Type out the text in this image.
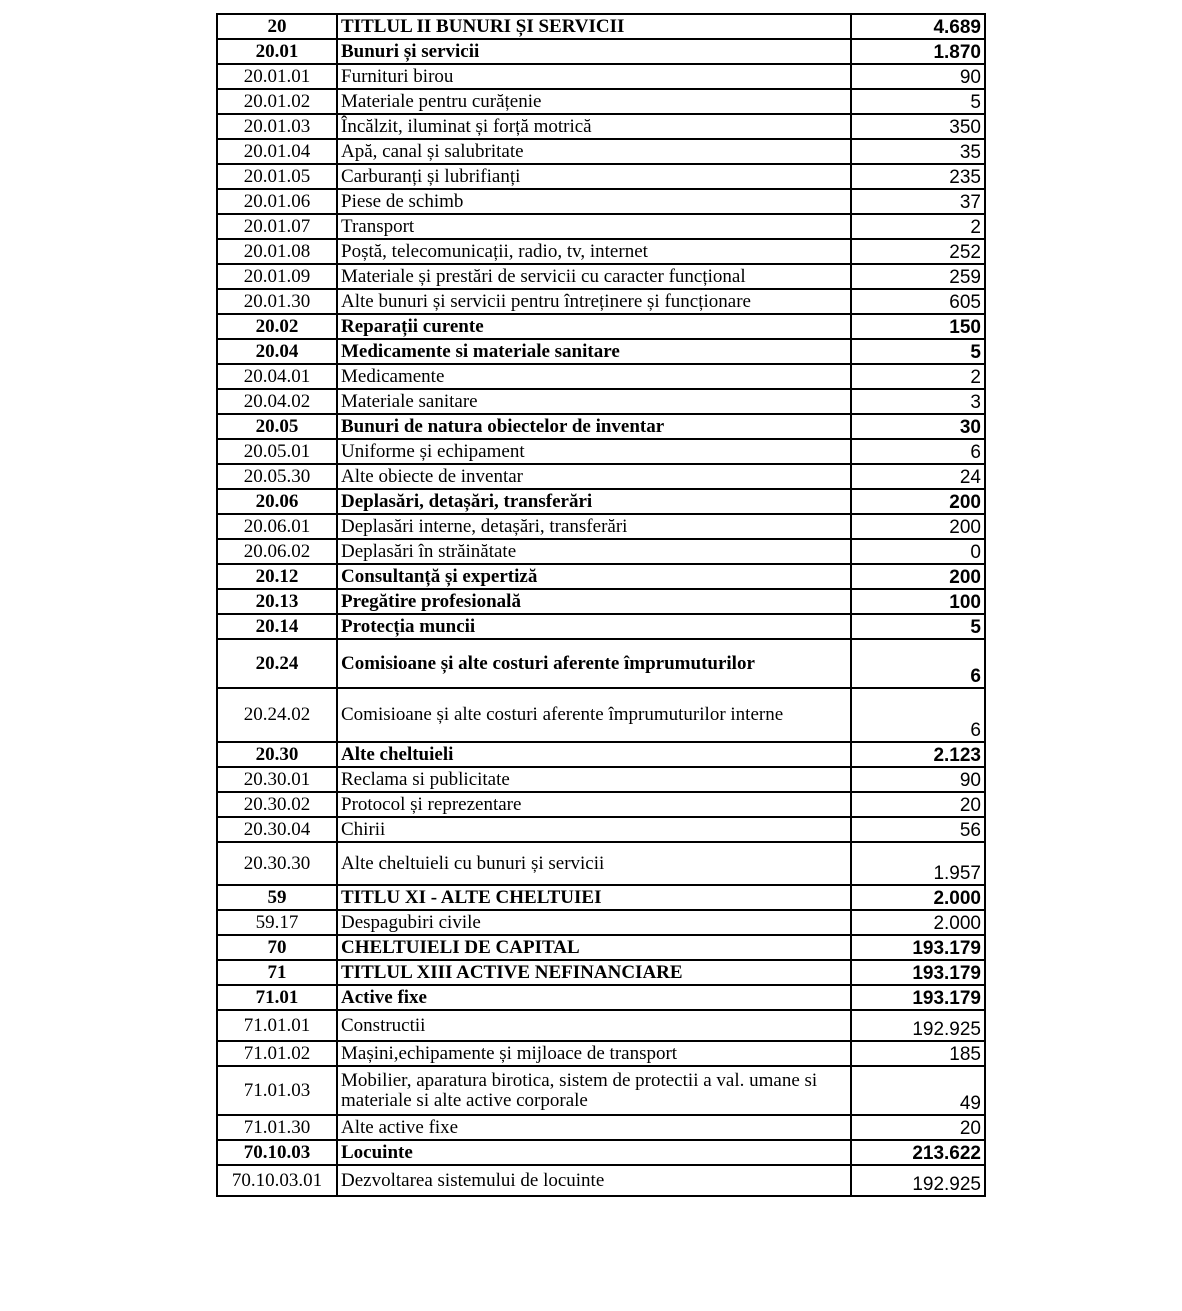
20	TITLUL II BUNURI ȘI SERVICII	4.689
20.01	Bunuri și servicii	1.870
20.01.01	Furnituri birou	90
20.01.02	Materiale pentru curățenie	5
20.01.03	Încălzit, iluminat și forță motrică	350
20.01.04	Apă, canal și salubritate	35
20.01.05	Carburanți și lubrifianți	235
20.01.06	Piese de schimb	37
20.01.07	Transport	2
20.01.08	Poștă, telecomunicații, radio, tv, internet	252
20.01.09	Materiale și prestări de servicii cu caracter funcțional	259
20.01.30	Alte bunuri și servicii pentru întreținere și funcționare	605
20.02	Reparații curente	150
20.04	Medicamente si materiale sanitare	5
20.04.01	Medicamente	2
20.04.02	Materiale sanitare	3
20.05	Bunuri de natura obiectelor de inventar	30
20.05.01	Uniforme și echipament	6
20.05.30	Alte obiecte de inventar	24
20.06	Deplasări, detașări, transferări	200
20.06.01	Deplasări interne, detașări, transferări	200
20.06.02	Deplasări în străinătate	0
20.12	Consultanță și expertiză	200
20.13	Pregătire profesională	100
20.14	Protecția muncii	5
20.24	Comisioane și alte costuri aferente împrumuturilor	6
20.24.02	Comisioane și alte costuri aferente împrumuturilor interne	6
20.30	Alte cheltuieli	2.123
20.30.01	Reclama si publicitate	90
20.30.02	Protocol și reprezentare	20
20.30.04	Chirii	56
20.30.30	Alte cheltuieli cu bunuri și servicii	1.957
59	TITLU XI - ALTE CHELTUIEI	2.000
59.17	Despagubiri civile	2.000
70	CHELTUIELI DE CAPITAL	193.179
71	TITLUL XIII ACTIVE NEFINANCIARE	193.179
71.01	Active fixe	193.179
71.01.01	Constructii	192.925
71.01.02	Mașini,echipamente și mijloace de transport	185
71.01.03	Mobilier, aparatura birotica, sistem de protectii a val. umane si materiale si alte active corporale	49
71.01.30	Alte active fixe	20
70.10.03	Locuinte	213.622
70.10.03.01	Dezvoltarea sistemului de locuinte	192.925
